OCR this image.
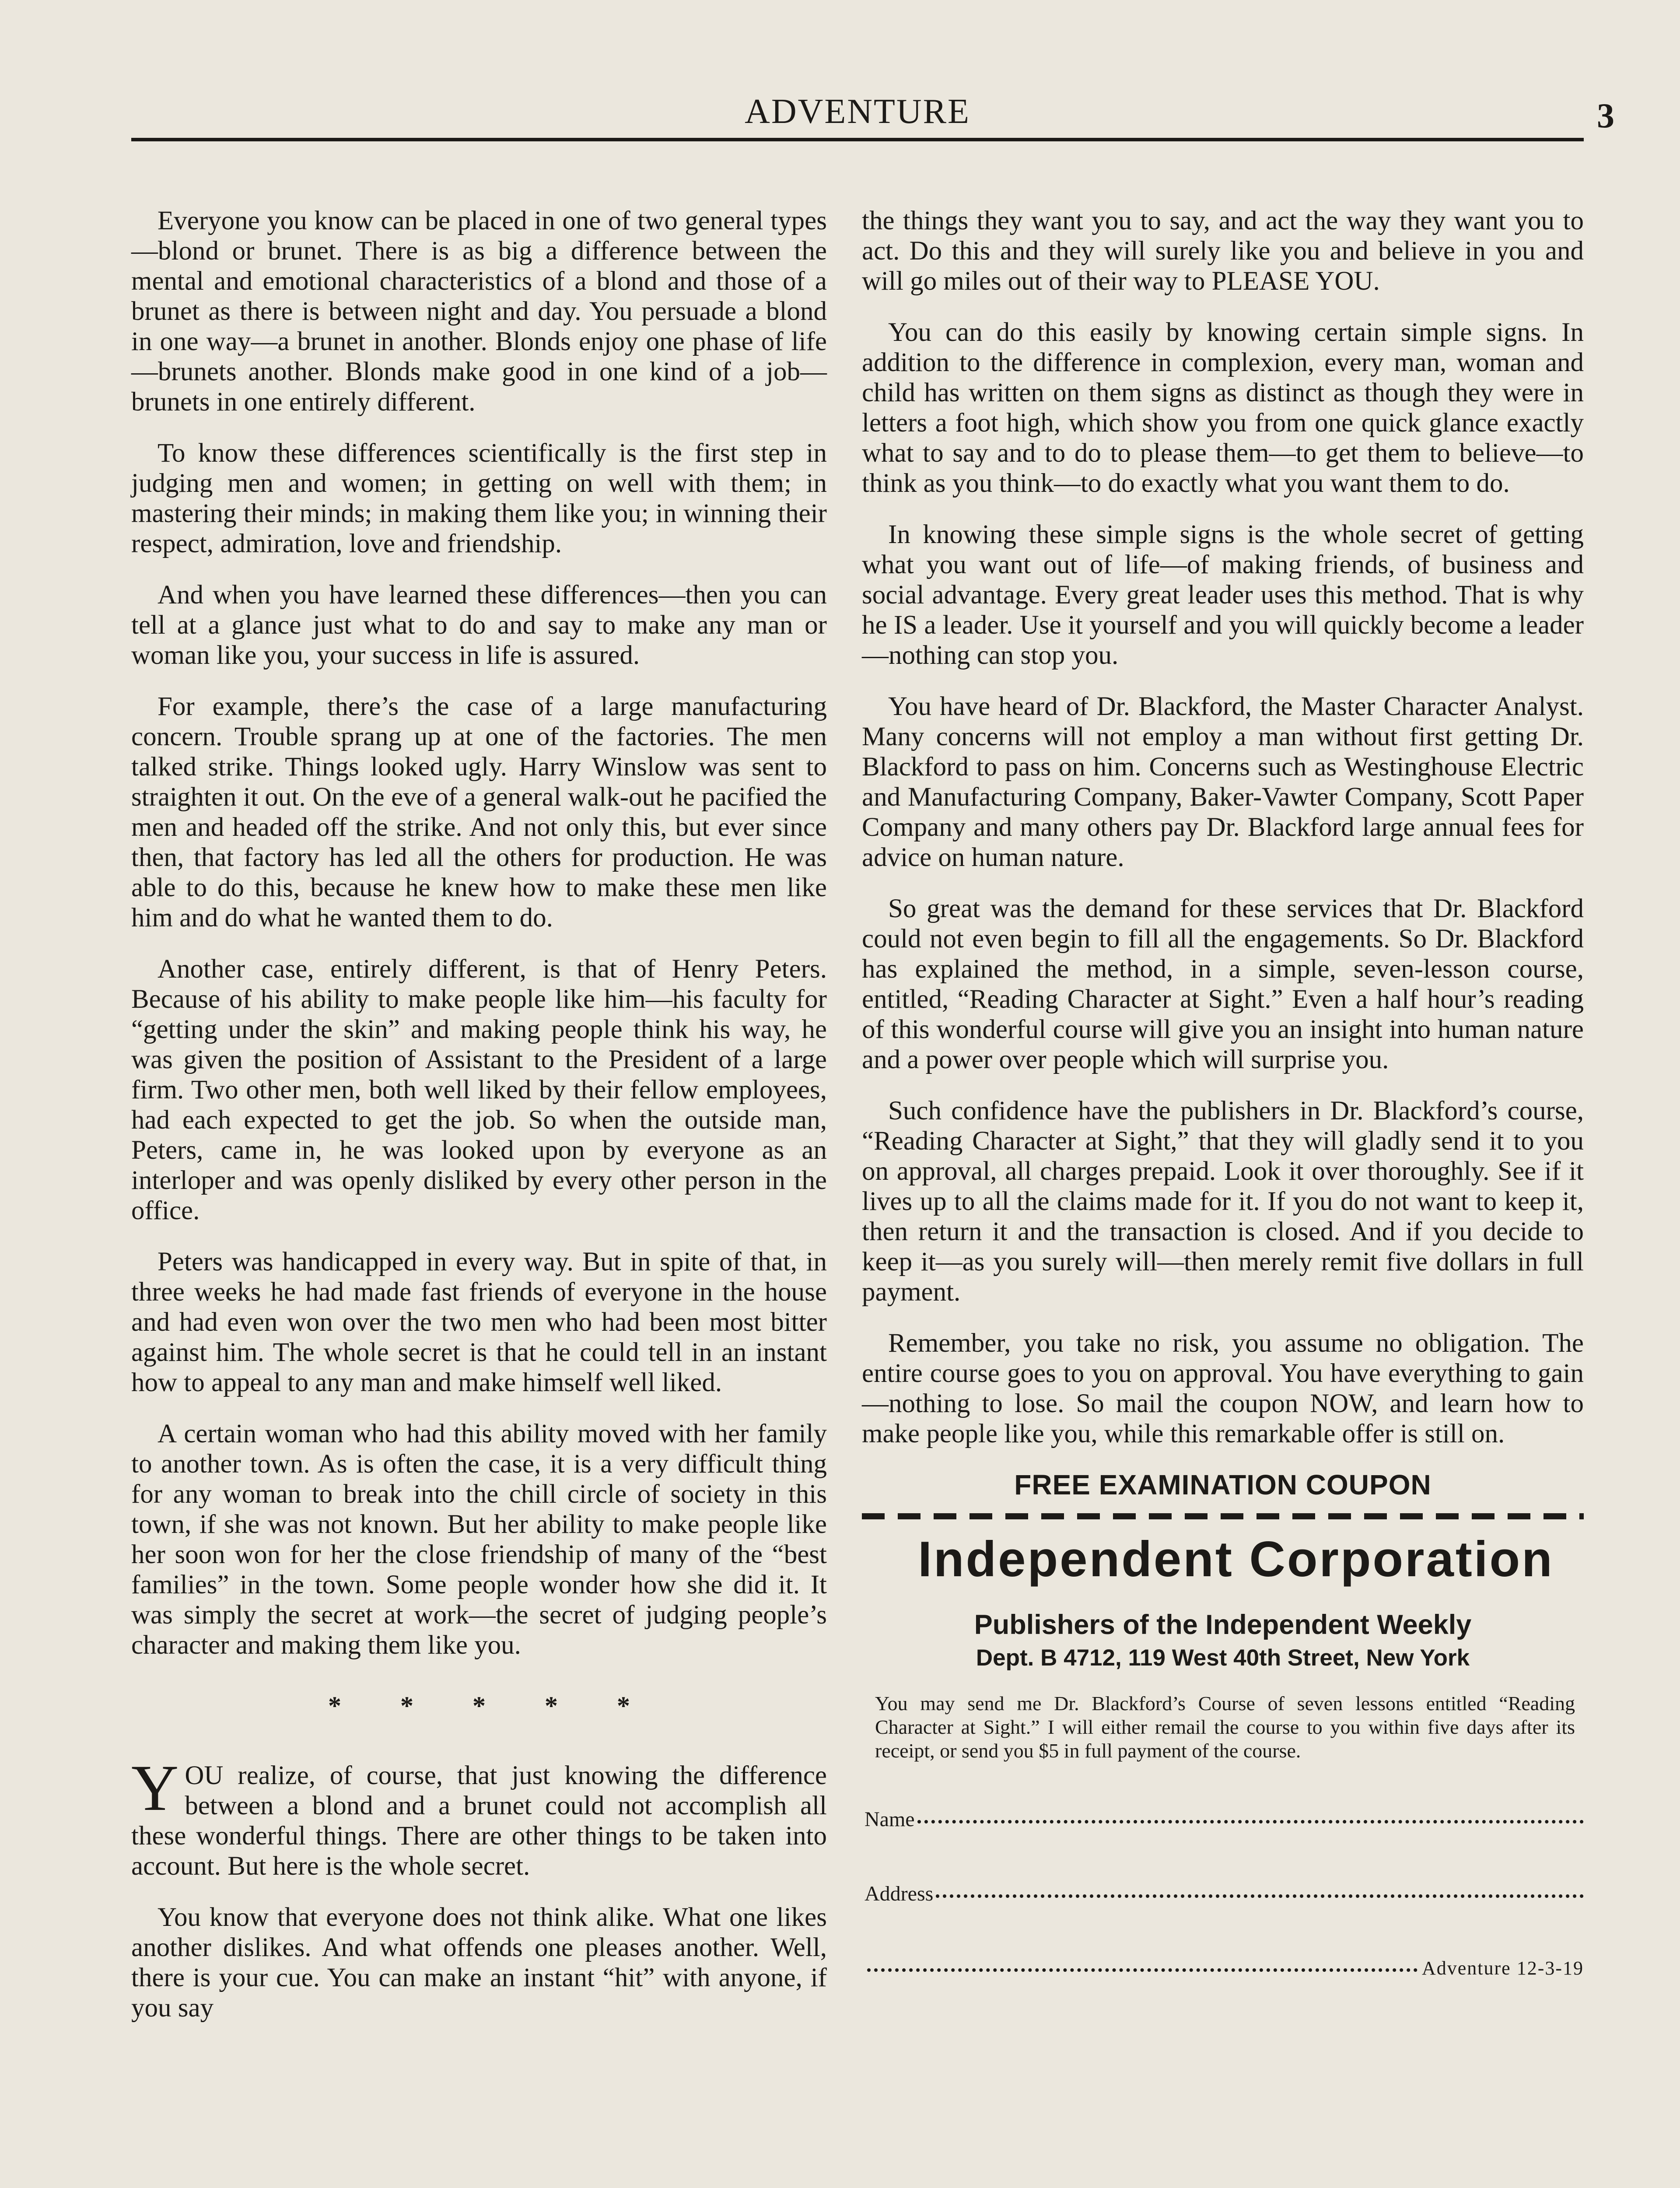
ADVENTURE	3

Everyone you know can be placed in one of two general types—blond or brunet. There is as big a difference between the mental and emotional characteristics of a blond and those of a brunet as there is between night and day. You persuade a blond in one way—a brunet in another. Blonds enjoy one phase of life—brunets another. Blonds make good in one kind of a job—brunets in one entirely different.

To know these differences scientifically is the first step in judging men and women; in getting on well with them; in mastering their minds; in making them like you; in winning their respect, admiration, love and friendship.

And when you have learned these differences—then you can tell at a glance just what to do and say to make any man or woman like you, your success in life is assured.

For example, there’s the case of a large manufacturing concern. Trouble sprang up at one of the factories. The men talked strike. Things looked ugly. Harry Winslow was sent to straighten it out. On the eve of a general walk-out he pacified the men and headed off the strike. And not only this, but ever since then, that factory has led all the others for production. He was able to do this, because he knew how to make these men like him and do what he wanted them to do.

Another case, entirely different, is that of Henry Peters. Because of his ability to make people like him—his faculty for “getting under the skin” and making people think his way, he was given the position of Assistant to the President of a large firm. Two other men, both well liked by their fellow employees, had each expected to get the job. So when the outside man, Peters, came in, he was looked upon by everyone as an interloper and was openly disliked by every other person in the office.

Peters was handicapped in every way. But in spite of that, in three weeks he had made fast friends of everyone in the house and had even won over the two men who had been most bitter against him. The whole secret is that he could tell in an instant how to appeal to any man and make himself well liked.

A certain woman who had this ability moved with her family to another town. As is often the case, it is a very difficult thing for any woman to break into the chill circle of society in this town, if she was not known. But her ability to make people like her soon won for her the close friendship of many of the “best families” in the town. Some people wonder how she did it. It was simply the secret at work—the secret of judging people’s character and making them like you.

* * * * *

YOU realize, of course, that just knowing the difference between a blond and a brunet could not accomplish all these wonderful things. There are other things to be taken into account. But here is the whole secret.

You know that everyone does not think alike. What one likes another dislikes. And what offends one pleases another. Well, there is your cue. You can make an instant “hit” with anyone, if you say

the things they want you to say, and act the way they want you to act. Do this and they will surely like you and believe in you and will go miles out of their way to PLEASE YOU.

You can do this easily by knowing certain simple signs. In addition to the difference in complexion, every man, woman and child has written on them signs as distinct as though they were in letters a foot high, which show you from one quick glance exactly what to say and to do to please them—to get them to believe—to think as you think—to do exactly what you want them to do.

In knowing these simple signs is the whole secret of getting what you want out of life—of making friends, of business and social advantage. Every great leader uses this method. That is why he IS a leader. Use it yourself and you will quickly become a leader—nothing can stop you.

You have heard of Dr. Blackford, the Master Character Analyst. Many concerns will not employ a man without first getting Dr. Blackford to pass on him. Concerns such as Westinghouse Electric and Manufacturing Company, Baker-Vawter Company, Scott Paper Company and many others pay Dr. Blackford large annual fees for advice on human nature.

So great was the demand for these services that Dr. Blackford could not even begin to fill all the engagements. So Dr. Blackford has explained the method, in a simple, seven-lesson course, entitled, “Reading Character at Sight.” Even a half hour’s reading of this wonderful course will give you an insight into human nature and a power over people which will surprise you.

Such confidence have the publishers in Dr. Blackford’s course, “Reading Character at Sight,” that they will gladly send it to you on approval, all charges prepaid. Look it over thoroughly. See if it lives up to all the claims made for it. If you do not want to keep it, then return it and the transaction is closed. And if you decide to keep it—as you surely will—then merely remit five dollars in full payment.

Remember, you take no risk, you assume no obligation. The entire course goes to you on approval. You have everything to gain—nothing to lose. So mail the coupon NOW, and learn how to make people like you, while this remarkable offer is still on.

FREE EXAMINATION COUPON

Independent Corporation

Publishers of the Independent Weekly
Dept. B 4712, 119 West 40th Street, New York

You may send me Dr. Blackford’s Course of seven lessons entitled “Reading Character at Sight.” I will either remail the course to you within five days after its receipt, or send you $5 in full payment of the course.

Name
Address
Adventure 12-3-19
